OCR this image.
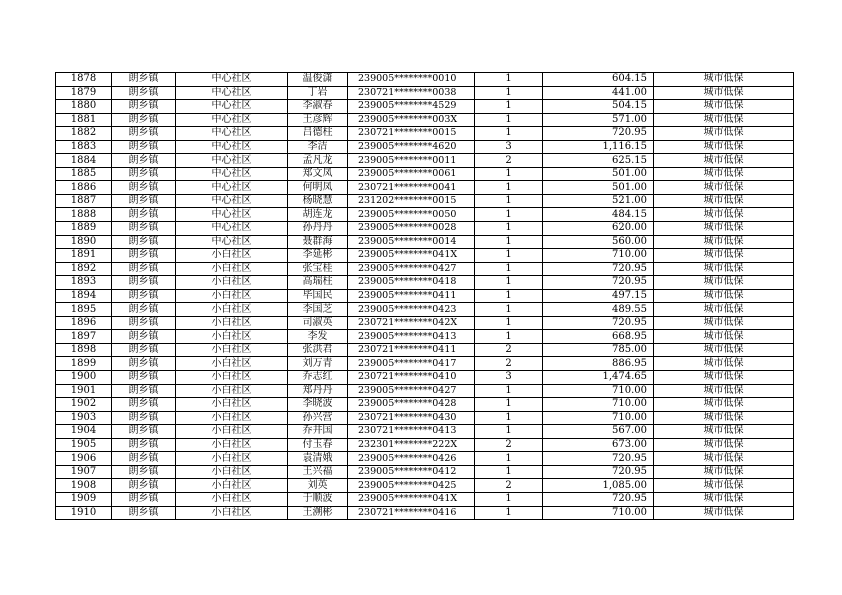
1878	朗乡镇	中心社区	温俊潇	239005********0010	1	604.15	城市低保
1879	朗乡镇	中心社区	丁岩	230721********0038	1	441.00	城市低保
1880	朗乡镇	中心社区	李淑春	239005********4529	1	504.15	城市低保
1881	朗乡镇	中心社区	王彦辉	239005********003X	1	571.00	城市低保
1882	朗乡镇	中心社区	吕德柱	230721********0015	1	720.95	城市低保
1883	朗乡镇	中心社区	李洁	239005********4620	3	1,116.15	城市低保
1884	朗乡镇	中心社区	孟凡龙	239005********0011	2	625.15	城市低保
1885	朗乡镇	中心社区	郑文凤	239005********0061	1	501.00	城市低保
1886	朗乡镇	中心社区	何明凤	230721********0041	1	501.00	城市低保
1887	朗乡镇	中心社区	杨晓慧	231202********0015	1	521.00	城市低保
1888	朗乡镇	中心社区	胡连龙	239005********0050	1	484.15	城市低保
1889	朗乡镇	中心社区	孙丹丹	239005********0028	1	620.00	城市低保
1890	朗乡镇	中心社区	聂群海	239005********0014	1	560.00	城市低保
1891	朗乡镇	小白社区	李延彬	239005********041X	1	710.00	城市低保
1892	朗乡镇	小白社区	张宝桂	239005********0427	1	720.95	城市低保
1893	朗乡镇	小白社区	高瑞柱	239005********0418	1	720.95	城市低保
1894	朗乡镇	小白社区	毕国民	239005********0411	1	497.15	城市低保
1895	朗乡镇	小白社区	李国芝	239005********0423	1	489.55	城市低保
1896	朗乡镇	小白社区	司淑英	230721********042X	1	720.95	城市低保
1897	朗乡镇	小白社区	李发	239005********0413	1	668.95	城市低保
1898	朗乡镇	小白社区	张洪君	230721********0411	2	785.00	城市低保
1899	朗乡镇	小白社区	刘万青	239005********0417	2	886.95	城市低保
1900	朗乡镇	小白社区	乔志红	230721********0410	3	1,474.65	城市低保
1901	朗乡镇	小白社区	郑丹丹	239005********0427	1	710.00	城市低保
1902	朗乡镇	小白社区	李晓波	239005********0428	1	710.00	城市低保
1903	朗乡镇	小白社区	孙兴营	230721********0430	1	710.00	城市低保
1904	朗乡镇	小白社区	乔井国	230721********0413	1	567.00	城市低保
1905	朗乡镇	小白社区	付玉春	232301********222X	2	673.00	城市低保
1906	朗乡镇	小白社区	袁清娥	239005********0426	1	720.95	城市低保
1907	朗乡镇	小白社区	王兴福	239005********0412	1	720.95	城市低保
1908	朗乡镇	小白社区	刘英	239005********0425	2	1,085.00	城市低保
1909	朗乡镇	小白社区	于顺波	239005********041X	1	720.95	城市低保
1910	朗乡镇	小白社区	王溯彬	230721********0416	1	710.00	城市低保
